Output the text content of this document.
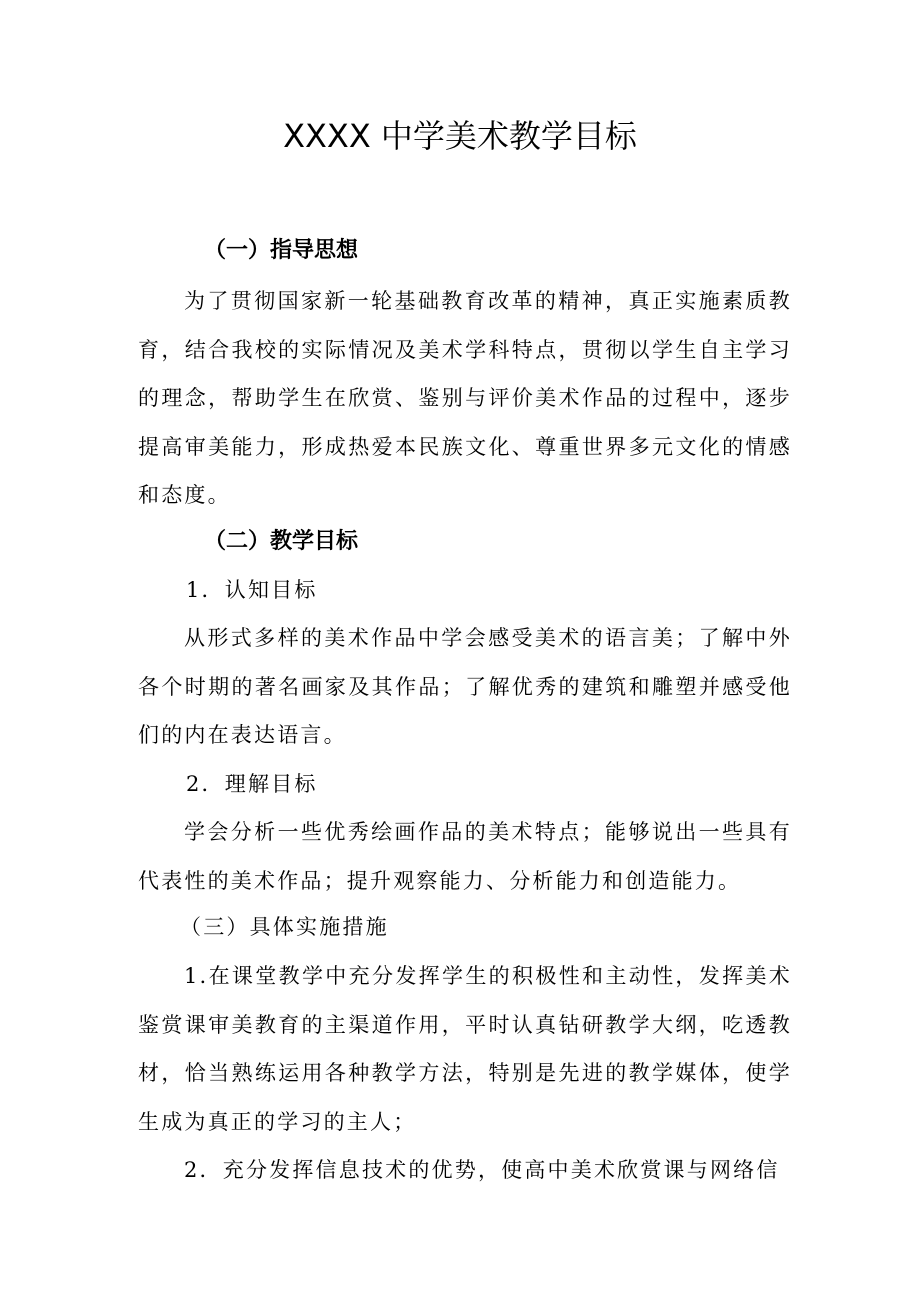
XXXX 中学美术教学目标
（一）指导思想

为了贯彻国家新一轮基础教育改革的精神，真正实施素质教育，结合我校的实际情况及美术学科特点，贯彻以学生自主学习的理念，帮助学生在欣赏、鉴别与评价美术作品的过程中，逐步提高审美能力，形成热爱本民族文化、尊重世界多元文化的情感和态度。

（二）教学目标

1．认知目标

从形式多样的美术作品中学会感受美术的语言美；了解中外各个时期的著名画家及其作品；了解优秀的建筑和雕塑并感受他们的内在表达语言。

2．理解目标

学会分析一些优秀绘画作品的美术特点；能够说出一些具有代表性的美术作品；提升观察能力、分析能力和创造能力。

（三）具体实施措施

1.在课堂教学中充分发挥学生的积极性和主动性，发挥美术鉴赏课审美教育的主渠道作用，平时认真钻研教学大纲，吃透教材，恰当熟练运用各种教学方法，特别是先进的教学媒体，使学生成为真正的学习的主人；

2．充分发挥信息技术的优势，使高中美术欣赏课与网络信
